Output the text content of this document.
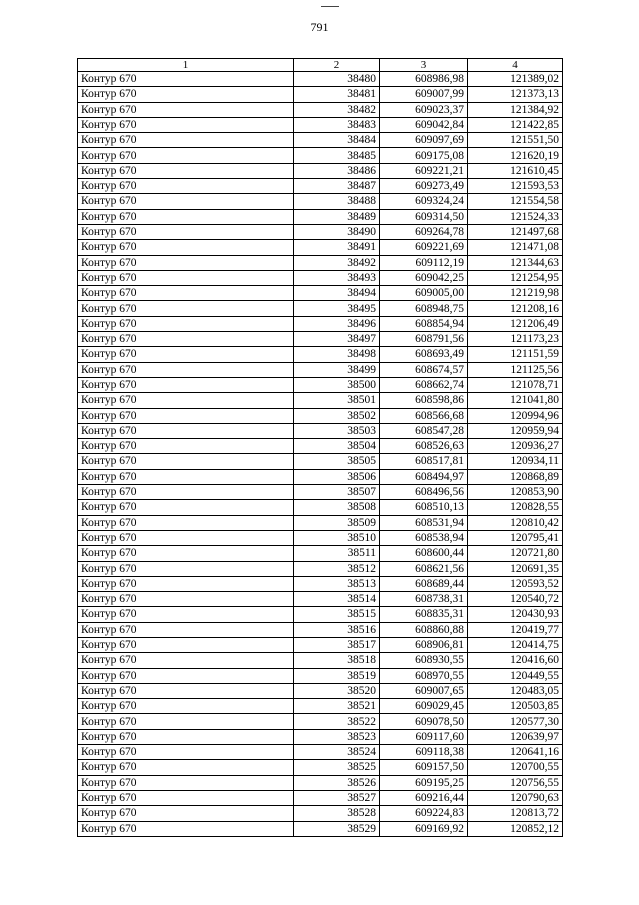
791
1	2	3	4
Контур 670	38480	608986,98	121389,02
Контур 670	38481	609007,99	121373,13
Контур 670	38482	609023,37	121384,92
Контур 670	38483	609042,84	121422,85
Контур 670	38484	609097,69	121551,50
Контур 670	38485	609175,08	121620,19
Контур 670	38486	609221,21	121610,45
Контур 670	38487	609273,49	121593,53
Контур 670	38488	609324,24	121554,58
Контур 670	38489	609314,50	121524,33
Контур 670	38490	609264,78	121497,68
Контур 670	38491	609221,69	121471,08
Контур 670	38492	609112,19	121344,63
Контур 670	38493	609042,25	121254,95
Контур 670	38494	609005,00	121219,98
Контур 670	38495	608948,75	121208,16
Контур 670	38496	608854,94	121206,49
Контур 670	38497	608791,56	121173,23
Контур 670	38498	608693,49	121151,59
Контур 670	38499	608674,57	121125,56
Контур 670	38500	608662,74	121078,71
Контур 670	38501	608598,86	121041,80
Контур 670	38502	608566,68	120994,96
Контур 670	38503	608547,28	120959,94
Контур 670	38504	608526,63	120936,27
Контур 670	38505	608517,81	120934,11
Контур 670	38506	608494,97	120868,89
Контур 670	38507	608496,56	120853,90
Контур 670	38508	608510,13	120828,55
Контур 670	38509	608531,94	120810,42
Контур 670	38510	608538,94	120795,41
Контур 670	38511	608600,44	120721,80
Контур 670	38512	608621,56	120691,35
Контур 670	38513	608689,44	120593,52
Контур 670	38514	608738,31	120540,72
Контур 670	38515	608835,31	120430,93
Контур 670	38516	608860,88	120419,77
Контур 670	38517	608906,81	120414,75
Контур 670	38518	608930,55	120416,60
Контур 670	38519	608970,55	120449,55
Контур 670	38520	609007,65	120483,05
Контур 670	38521	609029,45	120503,85
Контур 670	38522	609078,50	120577,30
Контур 670	38523	609117,60	120639,97
Контур 670	38524	609118,38	120641,16
Контур 670	38525	609157,50	120700,55
Контур 670	38526	609195,25	120756,55
Контур 670	38527	609216,44	120790,63
Контур 670	38528	609224,83	120813,72
Контур 670	38529	609169,92	120852,12
